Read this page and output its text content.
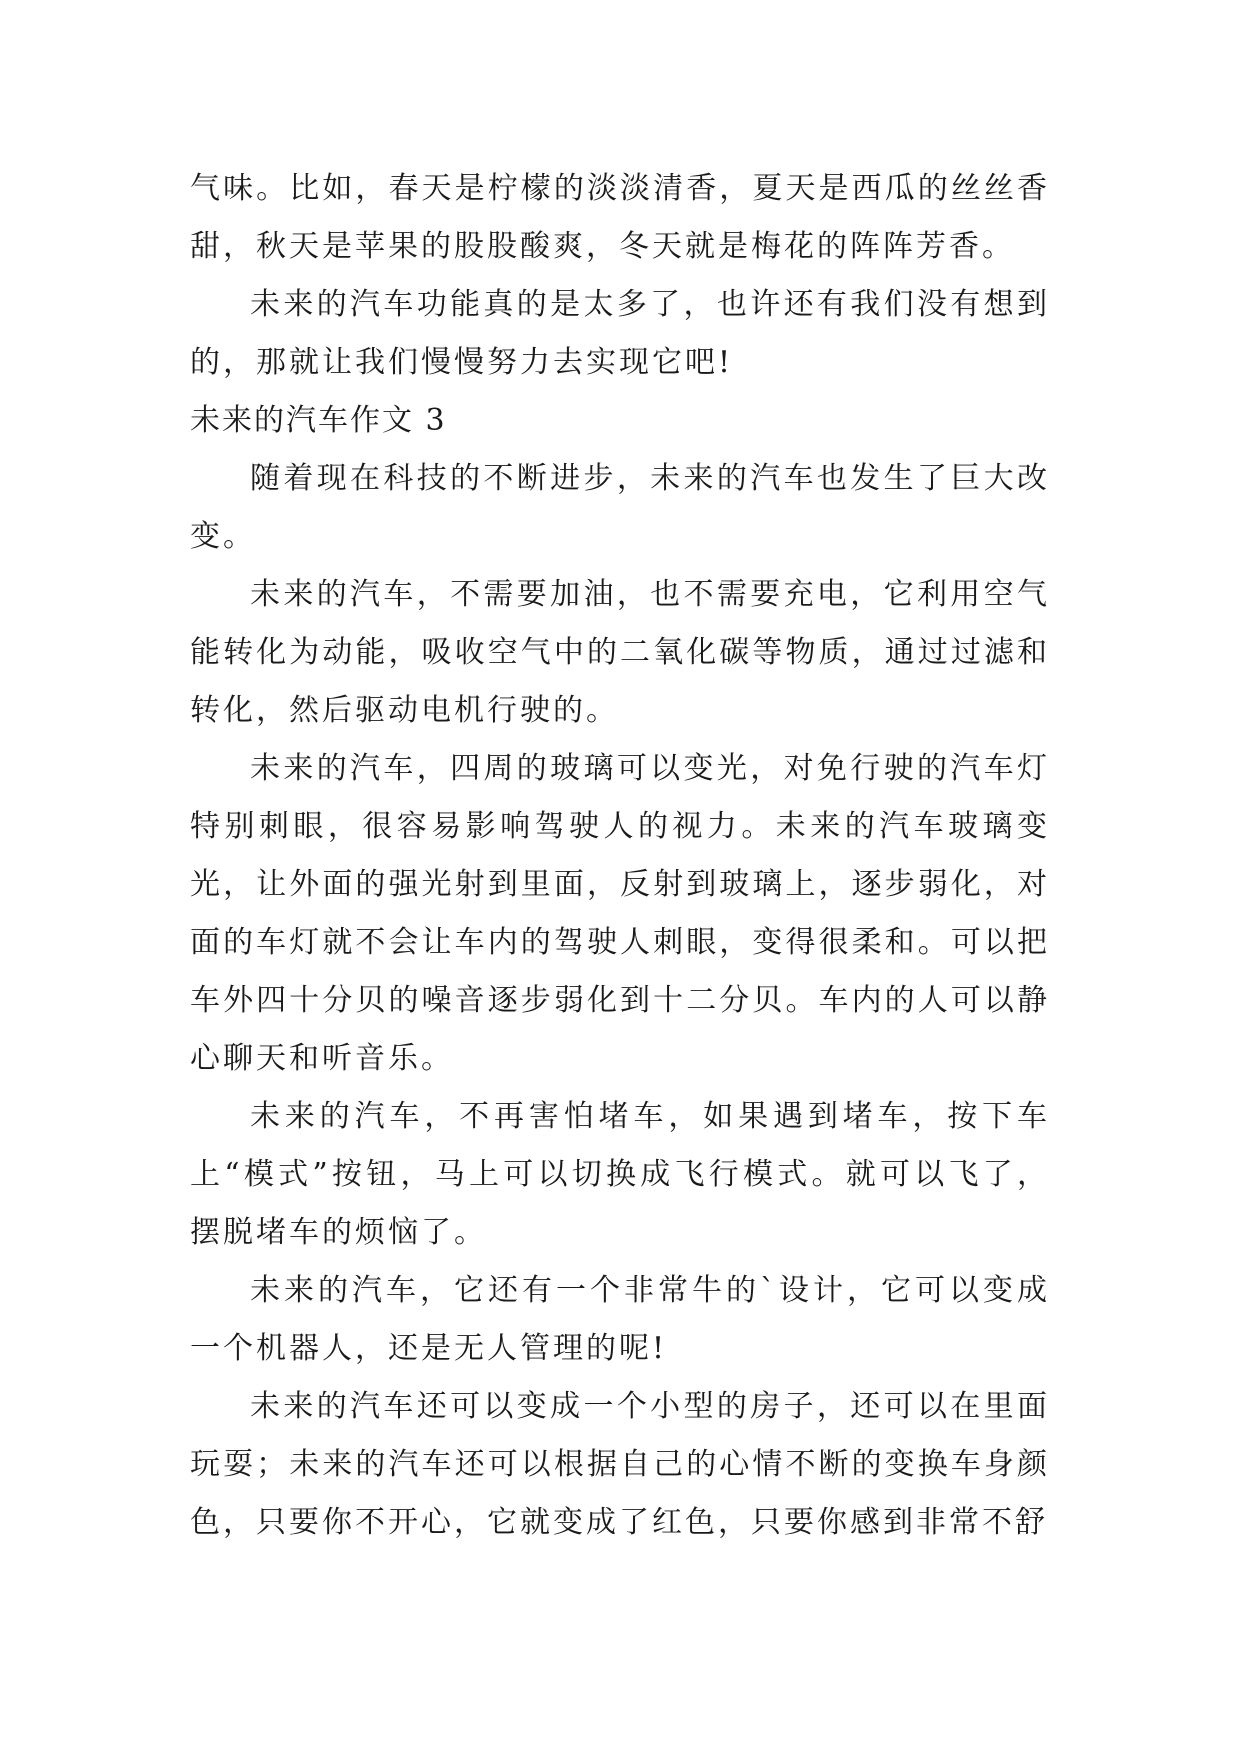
气味。比如，春天是柠檬的淡淡清香，夏天是西瓜的丝丝香甜，秋天是苹果的股股酸爽，冬天就是梅花的阵阵芳香。

未来的汽车功能真的是太多了，也许还有我们没有想到的，那就让我们慢慢努力去实现它吧!

未来的汽车作文 3

随着现在科技的不断进步，未来的汽车也发生了巨大改变。

未来的汽车，不需要加油，也不需要充电，它利用空气能转化为动能，吸收空气中的二氧化碳等物质，通过过滤和转化，然后驱动电机行驶的。

未来的汽车，四周的玻璃可以变光，对免行驶的汽车灯特别刺眼，很容易影响驾驶人的视力。未来的汽车玻璃变光，让外面的强光射到里面，反射到玻璃上，逐步弱化，对面的车灯就不会让车内的驾驶人刺眼，变得很柔和。可以把车外四十分贝的噪音逐步弱化到十二分贝。车内的人可以静心聊天和听音乐。

未来的汽车，不再害怕堵车，如果遇到堵车，按下车上“模式”按钮，马上可以切换成飞行模式。就可以飞了，摆脱堵车的烦恼了。

未来的汽车，它还有一个非常牛的`设计，它可以变成一个机器人，还是无人管理的呢!

未来的汽车还可以变成一个小型的房子，还可以在里面玩耍；未来的汽车还可以根据自己的心情不断的变换车身颜色，只要你不开心，它就变成了红色，只要你感到非常不舒
